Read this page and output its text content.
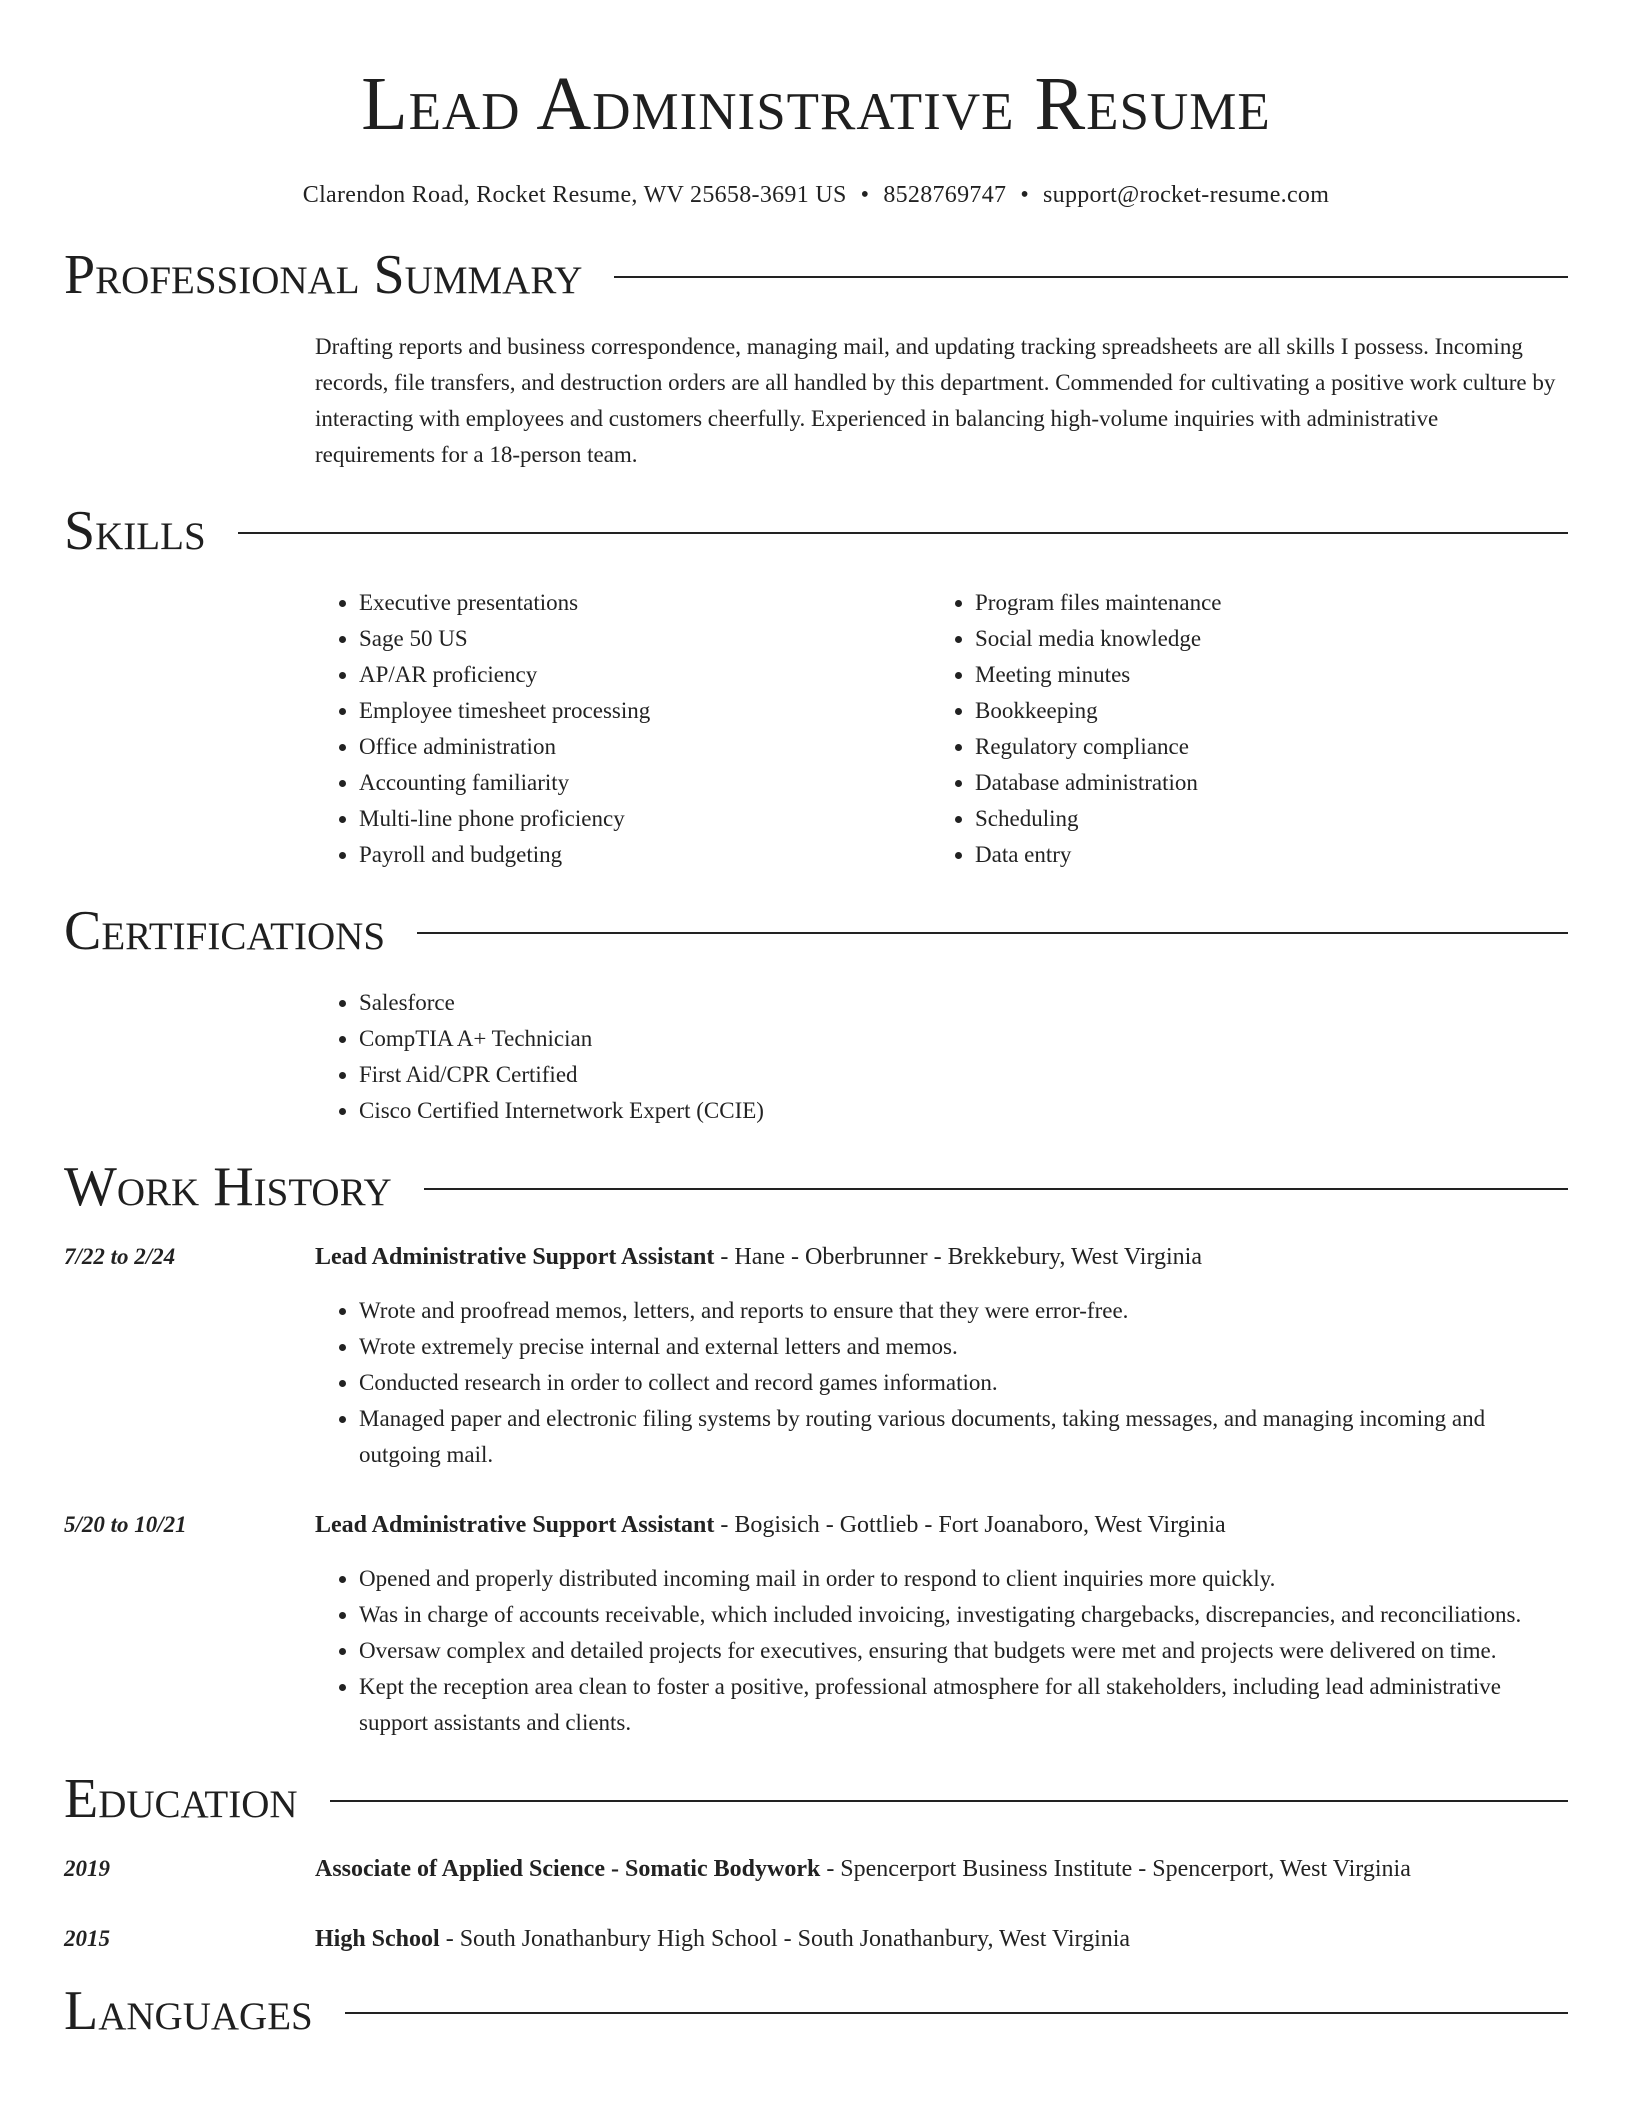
Lead Administrative Resume
Clarendon Road, Rocket Resume, WV 25658-3691 US • 8528769747 • support@rocket-resume.com
Professional Summary
Drafting reports and business correspondence, managing mail, and updating tracking spreadsheets are all skills I possess. Incoming records, file transfers, and destruction orders are all handled by this department. Commended for cultivating a positive work culture by interacting with employees and customers cheerfully. Experienced in balancing high-volume inquiries with administrative requirements for a 18-person team.
Skills
• Executive presentations
• Sage 50 US
• AP/AR proficiency
• Employee timesheet processing
• Office administration
• Accounting familiarity
• Multi-line phone proficiency
• Payroll and budgeting
• Program files maintenance
• Social media knowledge
• Meeting minutes
• Bookkeeping
• Regulatory compliance
• Database administration
• Scheduling
• Data entry
Certifications
• Salesforce
• CompTIA A+ Technician
• First Aid/CPR Certified
• Cisco Certified Internetwork Expert (CCIE)
Work History
7/22 to 2/24	Lead Administrative Support Assistant - Hane - Oberbrunner - Brekkebury, West Virginia
• Wrote and proofread memos, letters, and reports to ensure that they were error-free.
• Wrote extremely precise internal and external letters and memos.
• Conducted research in order to collect and record games information.
• Managed paper and electronic filing systems by routing various documents, taking messages, and managing incoming and outgoing mail.
5/20 to 10/21	Lead Administrative Support Assistant - Bogisich - Gottlieb - Fort Joanaboro, West Virginia
• Opened and properly distributed incoming mail in order to respond to client inquiries more quickly.
• Was in charge of accounts receivable, which included invoicing, investigating chargebacks, discrepancies, and reconciliations.
• Oversaw complex and detailed projects for executives, ensuring that budgets were met and projects were delivered on time.
• Kept the reception area clean to foster a positive, professional atmosphere for all stakeholders, including lead administrative support assistants and clients.
Education
2019	Associate of Applied Science - Somatic Bodywork - Spencerport Business Institute - Spencerport, West Virginia
2015	High School - South Jonathanbury High School - South Jonathanbury, West Virginia
Languages
